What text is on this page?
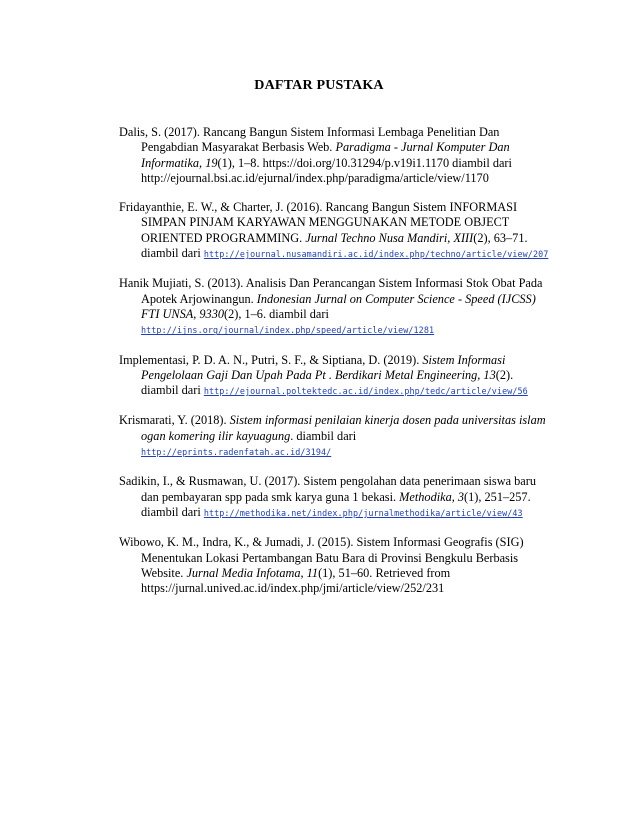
DAFTAR PUSTAKA

Dalis, S. (2017). Rancang Bangun Sistem Informasi Lembaga Penelitian Dan Pengabdian Masyarakat Berbasis Web. Paradigma - Jurnal Komputer Dan Informatika, 19(1), 1–8. https://doi.org/10.31294/p.v19i1.1170 diambil dari http://ejournal.bsi.ac.id/ejurnal/index.php/paradigma/article/view/1170

Fridayanthie, E. W., & Charter, J. (2016). Rancang Bangun Sistem INFORMASI SIMPAN PINJAM KARYAWAN MENGGUNAKAN METODE OBJECT ORIENTED PROGRAMMING. Jurnal Techno Nusa Mandiri, XIII(2), 63–71. diambil dari http://ejournal.nusamandiri.ac.id/index.php/techno/article/view/207

Hanik Mujiati, S. (2013). Analisis Dan Perancangan Sistem Informasi Stok Obat Pada Apotek Arjowinangun. Indonesian Jurnal on Computer Science - Speed (IJCSS) FTI UNSA, 9330(2), 1–6. diambil dari http://ijns.org/journal/index.php/speed/article/view/1281

Implementasi, P. D. A. N., Putri, S. F., & Siptiana, D. (2019). Sistem Informasi Pengelolaan Gaji Dan Upah Pada Pt . Berdikari Metal Engineering, 13(2). diambil dari http://ejournal.poltektedc.ac.id/index.php/tedc/article/view/56

Krismarati, Y. (2018). Sistem informasi penilaian kinerja dosen pada universitas islam ogan komering ilir kayuagung. diambil dari http://eprints.radenfatah.ac.id/3194/

Sadikin, I., & Rusmawan, U. (2017). Sistem pengolahan data penerimaan siswa baru dan pembayaran spp pada smk karya guna 1 bekasi. Methodika, 3(1), 251–257. diambil dari http://methodika.net/index.php/jurnalmethodika/article/view/43

Wibowo, K. M., Indra, K., & Jumadi, J. (2015). Sistem Informasi Geografis (SIG) Menentukan Lokasi Pertambangan Batu Bara di Provinsi Bengkulu Berbasis Website. Jurnal Media Infotama, 11(1), 51–60. Retrieved from https://jurnal.unived.ac.id/index.php/jmi/article/view/252/231
